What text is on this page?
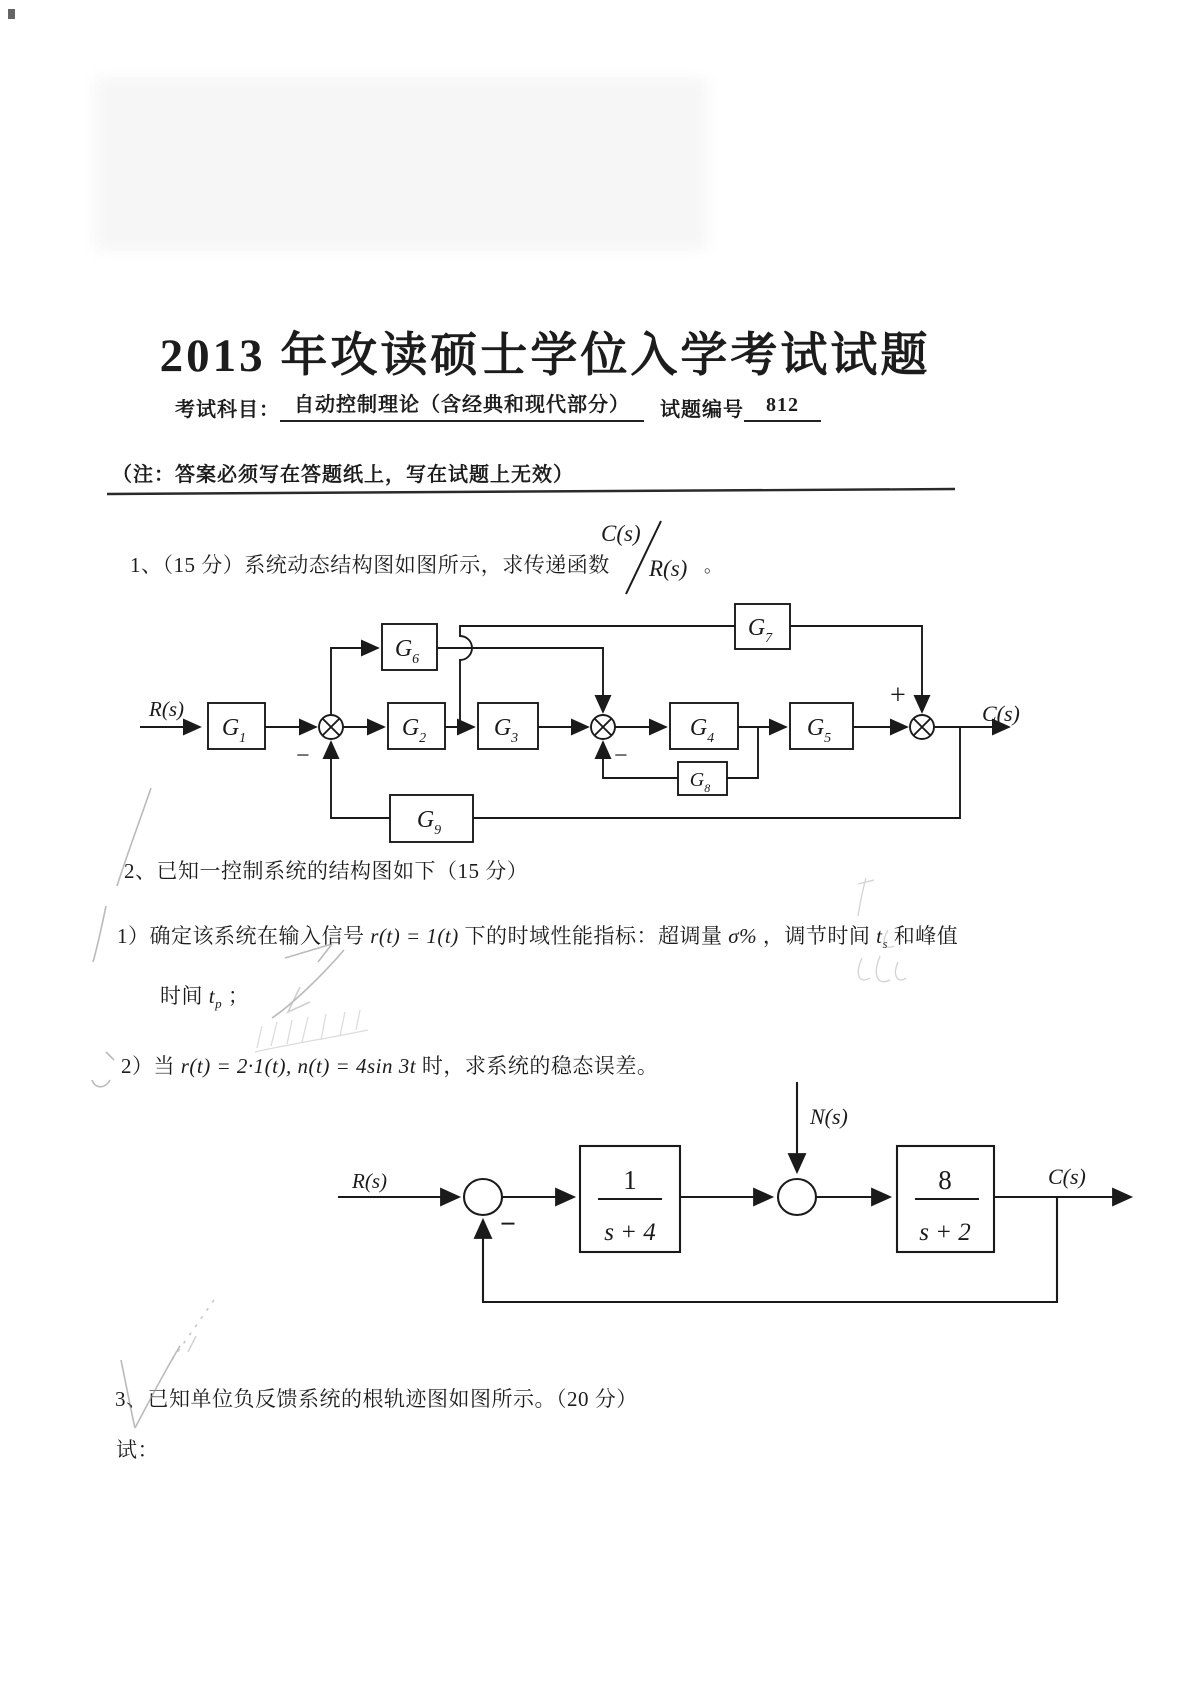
2013 年攻读硕士学位入学考试试题
考试科目： 自动控制理论（含经典和现代部分）	试题编号	812
（注：答案必须写在答题纸上，写在试题上无效）
1、（15 分）系统动态结构图如图所示，求传递函数
C(s)
R(s) 。
2、已知一控制系统的结构图如下（15 分）
1）确定该系统在输入信号 r(t) = 1(t) 下的时域性能指标：超调量 σ% ，调节时间 $t_s$ 和峰值
时间 $t_p$ ；
2）当 r(t) = 2·1(t), n(t) = 4sin 3t 时，求系统的稳态误差。
3、已知单位负反馈系统的根轨迹图如图所示。（20 分）
试：
$G_1$	$G_2$	$G_3$	$G_4$	$G_5$
$G_6$
$G_7$
$G_8$
$G_9$
R(s)	C(s)
−	−
+
1
s + 4
8
s + 2
R(s)
N(s)
C(s)
−
